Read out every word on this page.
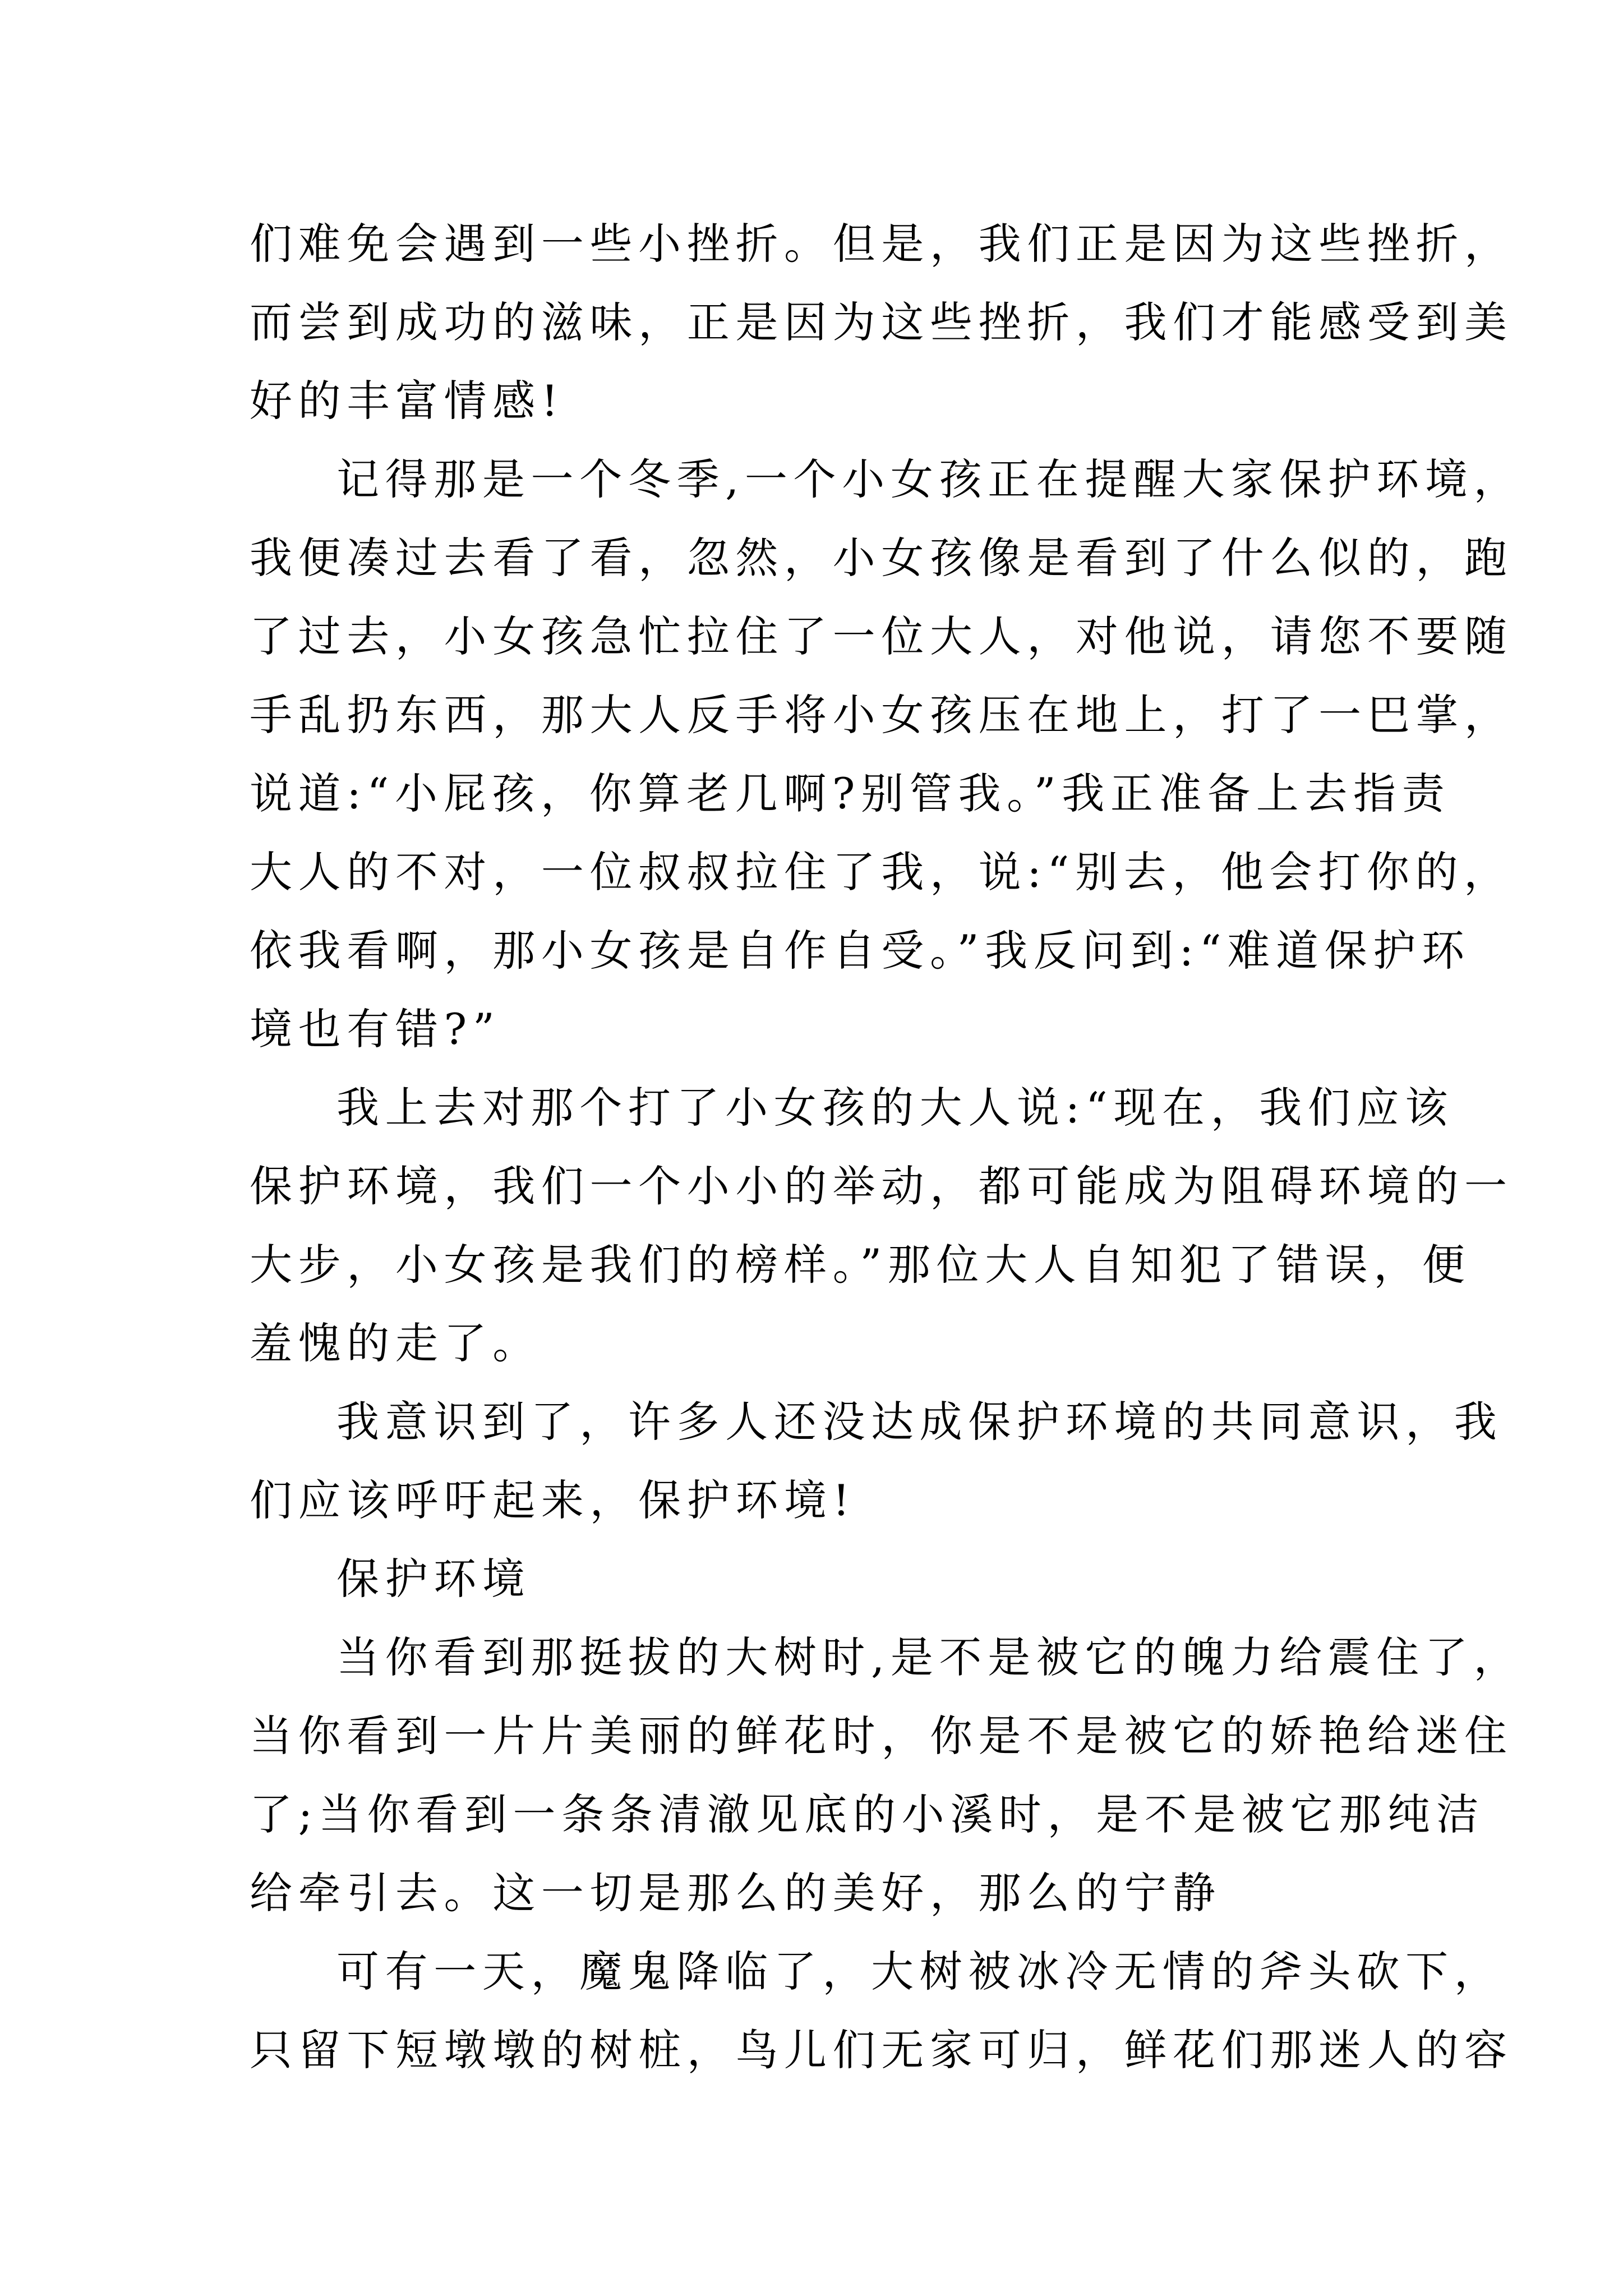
们难免会遇到一些小挫折。但是，我们正是因为这些挫折，
而尝到成功的滋味，正是因为这些挫折，我们才能感受到美
好的丰富情感!
记得那是一个冬季,一个小女孩正在提醒大家保护环境，
我便凑过去看了看，忽然，小女孩像是看到了什么似的，跑
了过去，小女孩急忙拉住了一位大人，对他说，请您不要随
手乱扔东西，那大人反手将小女孩压在地上，打了一巴掌，
说道:“小屁孩，你算老几啊?别管我。”我正准备上去指责
大人的不对，一位叔叔拉住了我，说:“别去，他会打你的，
依我看啊，那小女孩是自作自受。”我反问到:“难道保护环
境也有错?”
我上去对那个打了小女孩的大人说:“现在，我们应该
保护环境，我们一个小小的举动，都可能成为阻碍环境的一
大步，小女孩是我们的榜样。”那位大人自知犯了错误，便
羞愧的走了。
我意识到了，许多人还没达成保护环境的共同意识，我
们应该呼吁起来，保护环境!
保护环境
当你看到那挺拔的大树时,是不是被它的魄力给震住了，
当你看到一片片美丽的鲜花时，你是不是被它的娇艳给迷住
了;当你看到一条条清澈见底的小溪时，是不是被它那纯洁
给牵引去。这一切是那么的美好，那么的宁静
可有一天，魔鬼降临了，大树被冰冷无情的斧头砍下，
只留下短墩墩的树桩，鸟儿们无家可归，鲜花们那迷人的容
